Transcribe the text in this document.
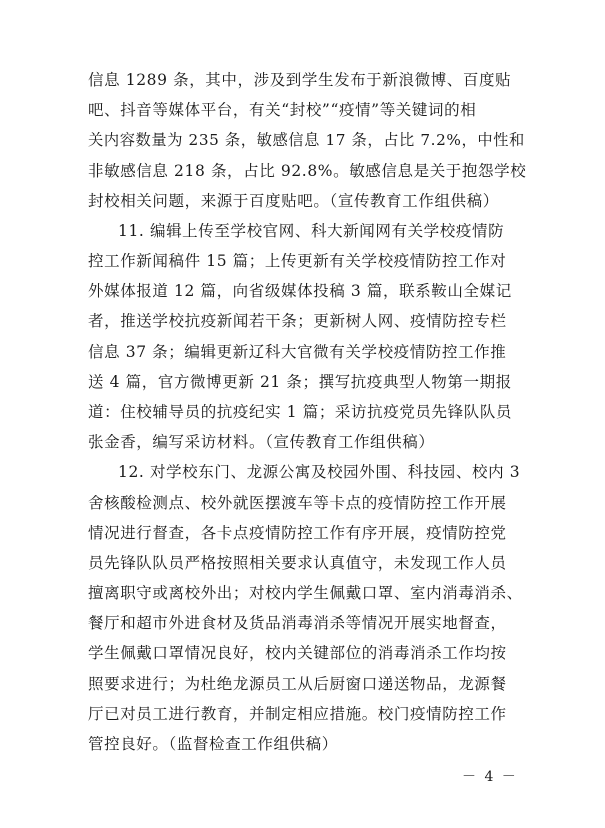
信息 1289 条，其中，涉及到学生发布于新浪微博、百度贴
吧、抖音等媒体平台，有关“封校”“疫情”等关键词的相
关内容数量为 235 条，敏感信息 17 条，占比 7.2%，中性和
非敏感信息 218 条，占比 92.8%。敏感信息是关于抱怨学校
封校相关问题，来源于百度贴吧。（宣传教育工作组供稿）
11. 编辑上传至学校官网、科大新闻网有关学校疫情防
控工作新闻稿件 15 篇；上传更新有关学校疫情防控工作对
外媒体报道 12 篇，向省级媒体投稿 3 篇，联系鞍山全媒记
者，推送学校抗疫新闻若干条；更新树人网、疫情防控专栏
信息 37 条；编辑更新辽科大官微有关学校疫情防控工作推
送 4 篇，官方微博更新 21 条；撰写抗疫典型人物第一期报
道：住校辅导员的抗疫纪实 1 篇；采访抗疫党员先锋队队员
张金香，编写采访材料。（宣传教育工作组供稿）
12. 对学校东门、龙源公寓及校园外围、科技园、校内 3
舍核酸检测点、校外就医摆渡车等卡点的疫情防控工作开展
情况进行督查，各卡点疫情防控工作有序开展，疫情防控党
员先锋队队员严格按照相关要求认真值守，未发现工作人员
擅离职守或离校外出；对校内学生佩戴口罩、室内消毒消杀、
餐厅和超市外进食材及货品消毒消杀等情况开展实地督查，
学生佩戴口罩情况良好，校内关键部位的消毒消杀工作均按
照要求进行；为杜绝龙源员工从后厨窗口递送物品，龙源餐
厅已对员工进行教育，并制定相应措施。校门疫情防控工作
管控良好。（监督检查工作组供稿）
－ 4 －
